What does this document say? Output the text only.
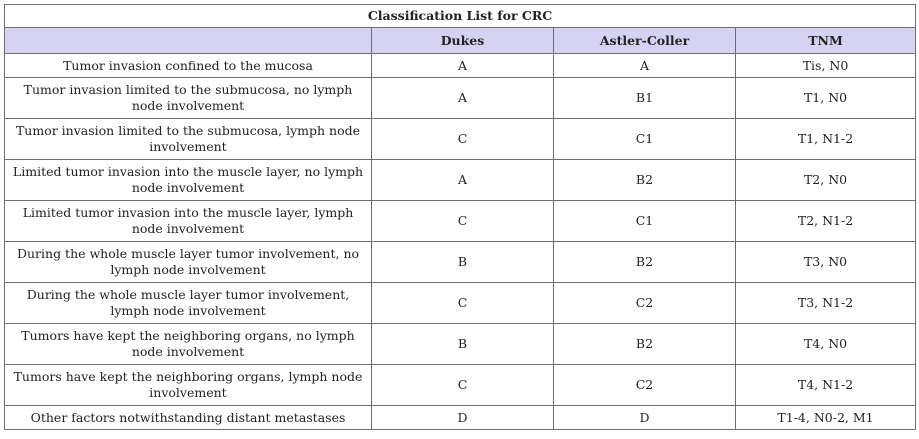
Classification List for CRC			
	Dukes	Astler-Coller	TNM
Tumor invasion confined to the mucosa	A	A	Tis, N0
Tumor invasion limited to the submucosa, no lymph node involvement	A	B1	T1, N0
Tumor invasion limited to the submucosa, lymph node involvement	C	C1	T1, N1-2
Limited tumor invasion into the muscle layer, no lymph node involvement	A	B2	T2, N0
Limited tumor invasion into the muscle layer, lymph node involvement	C	C1	T2, N1-2
During the whole muscle layer tumor involvement, no lymph node involvement	B	B2	T3, N0
During the whole muscle layer tumor involvement, lymph node involvement	C	C2	T3, N1-2
Tumors have kept the neighboring organs, no lymph node involvement	B	B2	T4, N0
Tumors have kept the neighboring organs, lymph node involvement	C	C2	T4, N1-2
Other factors notwithstanding distant metastases	D	D	T1-4, N0-2, M1
